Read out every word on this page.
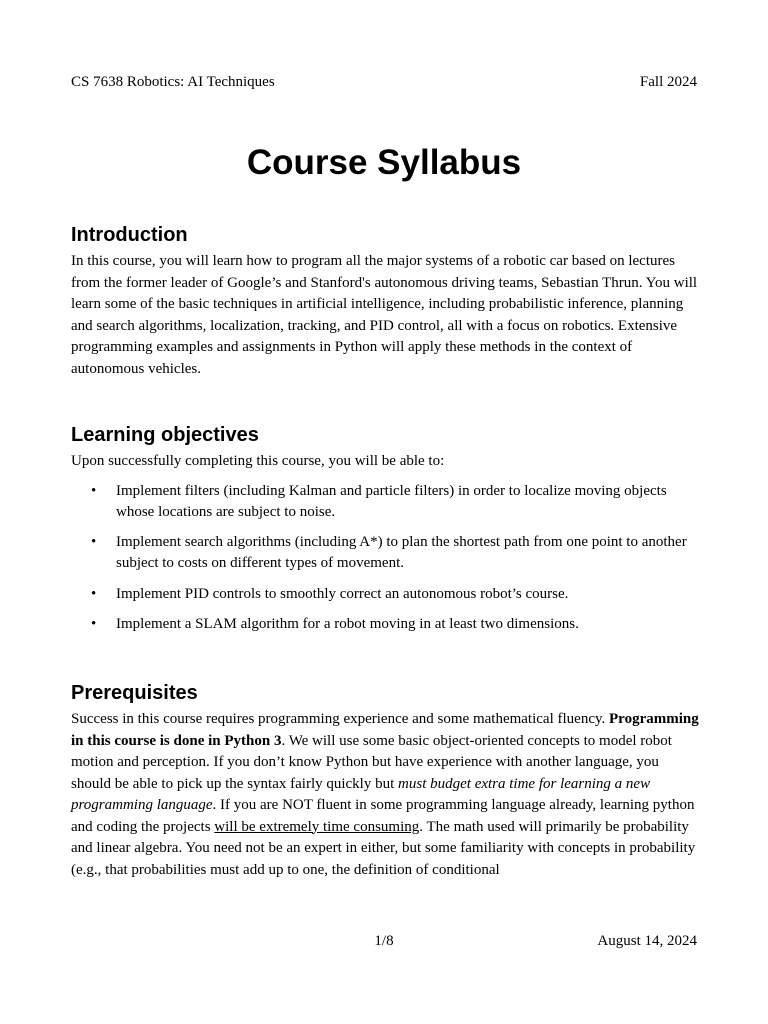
CS 7638 Robotics: AI Techniques	Fall 2024
Course Syllabus
Introduction

In this course, you will learn how to program all the major systems of a robotic car based on lectures from the former leader of Google’s and Stanford's autonomous driving teams, Sebastian Thrun. You will learn some of the basic techniques in artificial intelligence, including probabilistic inference, planning and search algorithms, localization, tracking, and PID control, all with a focus on robotics. Extensive programming examples and assignments in Python will apply these methods in the context of autonomous vehicles.

Learning objectives

Upon successfully completing this course, you will be able to:

• Implement filters (including Kalman and particle filters) in order to localize moving objects whose locations are subject to noise.
• Implement search algorithms (including A*) to plan the shortest path from one point to another subject to costs on different types of movement.
• Implement PID controls to smoothly correct an autonomous robot’s course.
• Implement a SLAM algorithm for a robot moving in at least two dimensions.
Prerequisites

Success in this course requires programming experience and some mathematical fluency. Programming in this course is done in Python 3. We will use some basic object-oriented concepts to model robot motion and perception. If you don’t know Python but have experience with another language, you should be able to pick up the syntax fairly quickly but must budget extra time for learning a new programming language. If you are NOT fluent in some programming language already, learning python and coding the projects will be extremely time consuming. The math used will primarily be probability and linear algebra. You need not be an expert in either, but some familiarity with concepts in probability (e.g., that probabilities must add up to one, the definition of conditional

1/8	August 14, 2024
